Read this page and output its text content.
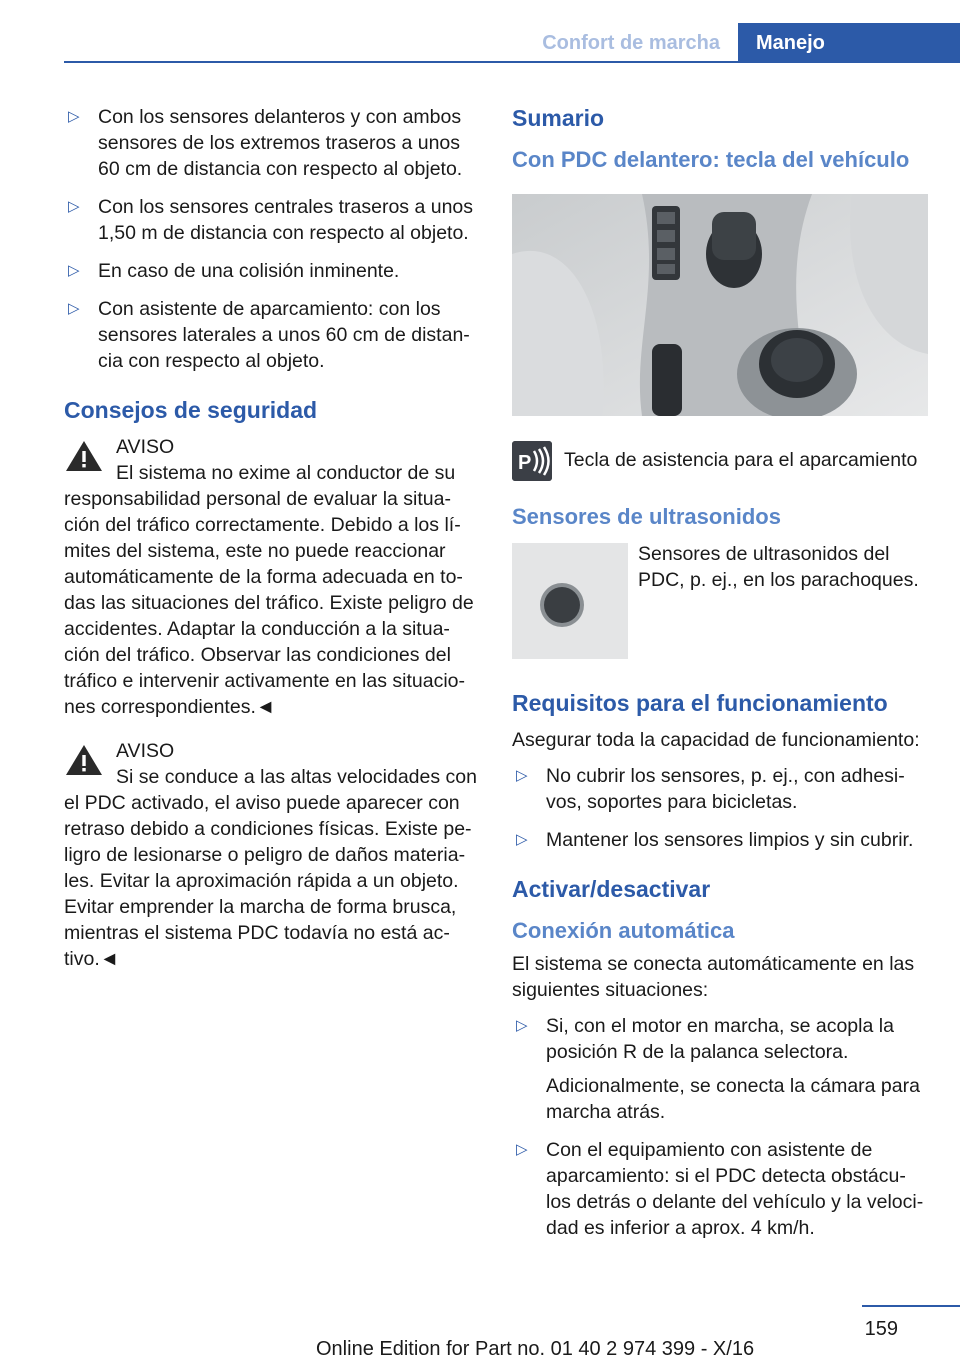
Confort de marcha	Manejo
▷ Con los sensores delanteros y con ambos sensores de los extremos traseros a unos 60 cm de distancia con respecto al objeto.

▷ Con los sensores centrales traseros a unos 1,50 m de distancia con respecto al objeto.

▷ En caso de una colisión inminente.

▷ Con asistente de aparcamiento: con los sensores laterales a unos 60 cm de distan-cia con respecto al objeto.

Consejos de seguridad

AVISO

El sistema no exime al conductor de su responsabilidad personal de evaluar la situa-ción del tráfico correctamente. Debido a los lí-mites del sistema, este no puede reaccionar automáticamente de la forma adecuada en to-das las situaciones del tráfico. Existe peligro de accidentes. Adaptar la conducción a la situa-ción del tráfico. Observar las condiciones del tráfico e intervenir activamente en las situacio-nes correspondientes.◄

AVISO

Si se conduce a las altas velocidades con el PDC activado, el aviso puede aparecer con retraso debido a condiciones físicas. Existe pe-ligro de lesionarse o peligro de daños materia-les. Evitar la aproximación rápida a un objeto. Evitar emprender la marcha de forma brusca, mientras el sistema PDC todavía no está ac-tivo.◄

Sumario
Con PDC delantero: tecla del vehículo
P Tecla de asistencia para el aparcamiento
Sensores de ultrasonidos
Sensores de ultrasonidos del PDC, p. ej., en los parachoques.
Requisitos para el funcionamiento

Asegurar toda la capacidad de funcionamiento:

▷ No cubrir los sensores, p. ej., con adhesi-vos, soportes para bicicletas.

▷ Mantener los sensores limpios y sin cubrir.

Activar/desactivar
Conexión automática

El sistema se conecta automáticamente en las siguientes situaciones:

▷ Si, con el motor en marcha, se acopla la posición R de la palanca selectora.

Adicionalmente, se conecta la cámara para marcha atrás.

▷ Con el equipamiento con asistente de aparcamiento: si el PDC detecta obstácu-los detrás o delante del vehículo y la veloci-dad es inferior a aprox. 4 km/h.

159
Online Edition for Part no. 01 40 2 974 399 - X/16
